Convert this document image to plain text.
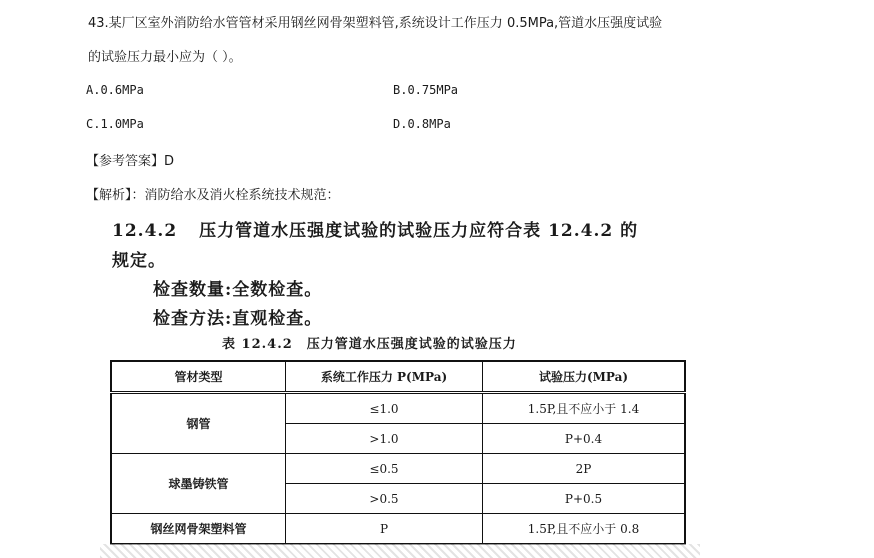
43.某厂区室外消防给水管管材采用钢丝网骨架塑料管,系统设计工作压力 0.5MPa,管道水压强度试验
的试验压力最小应为（ ）。
A.0.6MPa	B.0.75MPa
C.1.0MPa	D.0.8MPa
【参考答案】D
【解析】：消防给水及消火栓系统技术规范：
12.4.2 压力管道水压强度试验的试验压力应符合表 12.4.2 的
规定。
检查数量:全数检查。
检查方法:直观检查。
表 12.4.2 压力管道水压强度试验的试验压力
管材类型	系统工作压力 P(MPa)	试验压力(MPa)
钢管	≤1.0	1.5P,且不应小于 1.4
	>1.0	P+0.4
球墨铸铁管	≤0.5	2P
	>0.5	P+0.5
钢丝网骨架塑料管	P	1.5P,且不应小于 0.8
